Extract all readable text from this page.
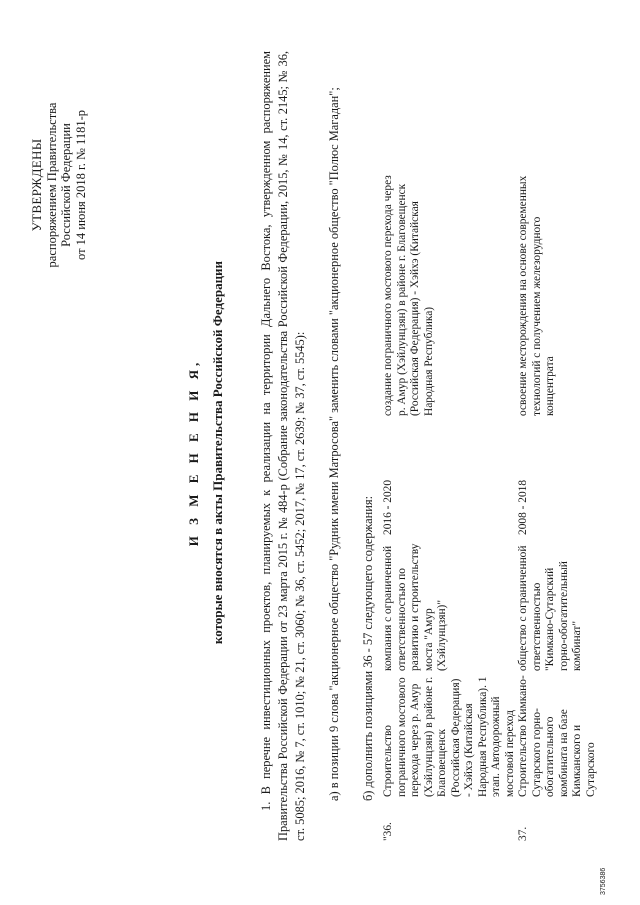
УТВЕРЖДЕНЫ распоряжением Правительства Российской Федерации от 14 июня 2018 г. № 1181-р
И З М Е Н Е Н И Я, которые вносятся в акты Правительства Российской Федерации	1. В перечне инвестиционных проектов, планируемых к реализации на территории Дальнего Востока, утвержденном распоряжением Правительства Российской Федерации от 23 марта 2015 г. № 484-р (Собрание законодательства Российской Федерации, 2015, № 14, ст. 2145; № 36, ст. 5085; 2016, № 7, ст. 1010; № 21, ст. 3060; № 36, ст. 5452; 2017, № 17, ст. 2639; № 37, ст. 5545): а) в позиции 9 слова "акционерное общество "Рудник имени Матросова" заменить словами "акционерное общество "Полюс Магадан"; б) дополнить позициями 36 - 57 следующего содержания:
"36.	Строительство пограничного мостового перехода через р. Амур (Хэйлунцзян) в районе г. Благовещенск (Российская Федерация) - Хэйхэ (Китайская Народная Республика). 1 этап. Автодорожный мостовой переход	компания с ограниченной ответственностью по развитию и строительству моста "Амур (Хэйлунцзян)"	2016 - 2020	создание пограничного мостового перехода через р. Амур (Хэйлунцзян) в районе г. Благовещенск (Российская Федерация) - Хэйхэ (Китайская Народная Республика)
37.	Строительство Кимкано-Сутарского горно-обогатительного комбината на базе Кимканского и Сутарского	общество с ограниченной ответственностью "Кимкано-Сутарский горно-обогатительный комбинат"	2008 - 2018	освоение месторождения на основе современных технологий с получением железорудного концентрата
3756386
